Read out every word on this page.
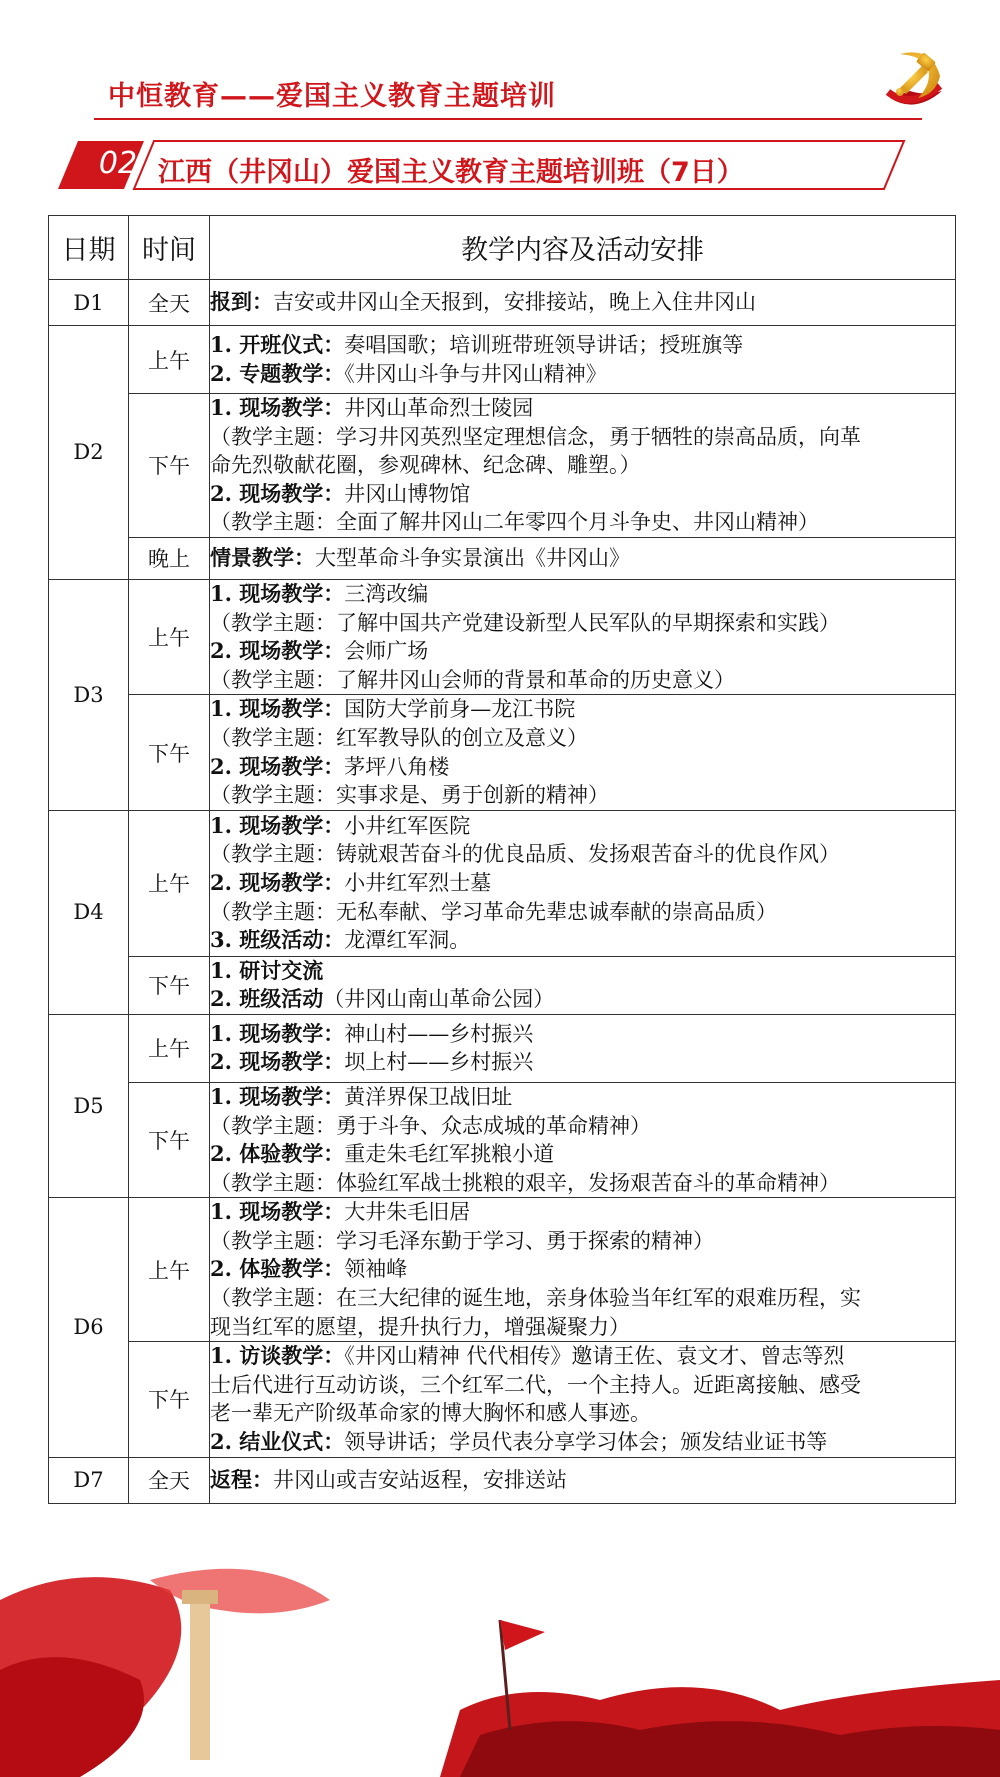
中恒教育——爱国主义教育主题培训
02 江西（井冈山）爱国主义教育主题培训班（7日）
日期	时间	教学内容及活动安排
D1	全天	报到：吉安或井冈山全天报到，安排接站，晚上入住井冈山

D2	上午	1. 开班仪式：奏唱国歌；培训班带班领导讲话；授班旗等
2. 专题教学：《井冈山斗争与井冈山精神》

	下午	1. 现场教学：井冈山革命烈士陵园
（教学主题：学习井冈英烈坚定理想信念，勇于牺牲的崇高品质，向革
命先烈敬献花圈，参观碑林、纪念碑、雕塑。）
2. 现场教学：井冈山博物馆
（教学主题：全面了解井冈山二年零四个月斗争史、井冈山精神）

	晚上	情景教学：大型革命斗争实景演出《井冈山》

D3	上午	1. 现场教学：三湾改编
（教学主题：了解中国共产党建设新型人民军队的早期探索和实践）
2. 现场教学：会师广场
（教学主题：了解井冈山会师的背景和革命的历史意义）

	下午	1. 现场教学：国防大学前身—龙江书院
（教学主题：红军教导队的创立及意义）
2. 现场教学：茅坪八角楼
（教学主题：实事求是、勇于创新的精神）

D4	上午	1. 现场教学：小井红军医院
（教学主题：铸就艰苦奋斗的优良品质、发扬艰苦奋斗的优良作风）
2. 现场教学：小井红军烈士墓
（教学主题：无私奉献、学习革命先辈忠诚奉献的崇高品质）
3. 班级活动：龙潭红军洞。

	下午	1. 研讨交流
2. 班级活动（井冈山南山革命公园）

D5	上午	1. 现场教学：神山村——乡村振兴
2. 现场教学：坝上村——乡村振兴

	下午	1. 现场教学：黄洋界保卫战旧址
（教学主题：勇于斗争、众志成城的革命精神）
2. 体验教学：重走朱毛红军挑粮小道
（教学主题：体验红军战士挑粮的艰辛，发扬艰苦奋斗的革命精神）

D6	上午	1. 现场教学：大井朱毛旧居
（教学主题：学习毛泽东勤于学习、勇于探索的精神）
2. 体验教学：领袖峰
（教学主题：在三大纪律的诞生地，亲身体验当年红军的艰难历程，实
现当红军的愿望，提升执行力，增强凝聚力）

	下午	1. 访谈教学：《井冈山精神 代代相传》邀请王佐、袁文才、曾志等烈
士后代进行互动访谈，三个红军二代，一个主持人。近距离接触、感受
老一辈无产阶级革命家的博大胸怀和感人事迹。
2. 结业仪式：领导讲话；学员代表分享学习体会；颁发结业证书等

D7	全天	返程：井冈山或吉安站返程，安排送站
